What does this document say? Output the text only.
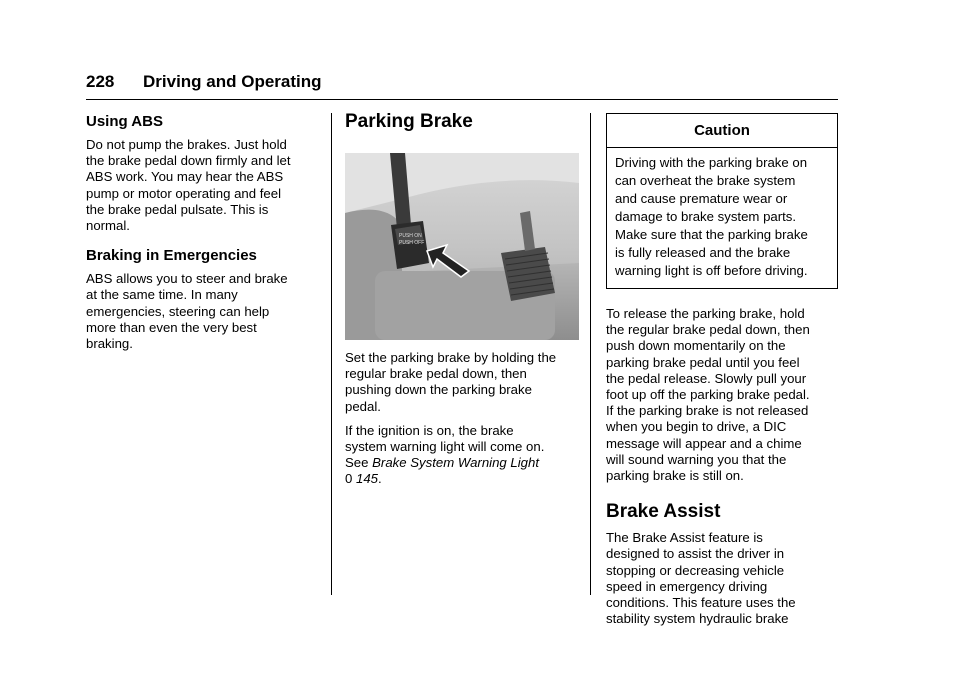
228 Driving and Operating
Using ABS
Do not pump the brakes. Just hold
the brake pedal down firmly and let
ABS work. You may hear the ABS
pump or motor operating and feel
the brake pedal pulsate. This is
normal.
Braking in Emergencies
ABS allows you to steer and brake
at the same time. In many
emergencies, steering can help
more than even the very best
braking.
Parking Brake
PUSH ON
PUSH OFF
Set the parking brake by holding the
regular brake pedal down, then
pushing down the parking brake
pedal.
If the ignition is on, the brake
system warning light will come on.
See Brake System Warning Light
0 145.
Caution
Driving with the parking brake on
can overheat the brake system
and cause premature wear or
damage to brake system parts.
Make sure that the parking brake
is fully released and the brake
warning light is off before driving.
To release the parking brake, hold
the regular brake pedal down, then
push down momentarily on the
parking brake pedal until you feel
the pedal release. Slowly pull your
foot up off the parking brake pedal.
If the parking brake is not released
when you begin to drive, a DIC
message will appear and a chime
will sound warning you that the
parking brake is still on.
Brake Assist
The Brake Assist feature is
designed to assist the driver in
stopping or decreasing vehicle
speed in emergency driving
conditions. This feature uses the
stability system hydraulic brake
